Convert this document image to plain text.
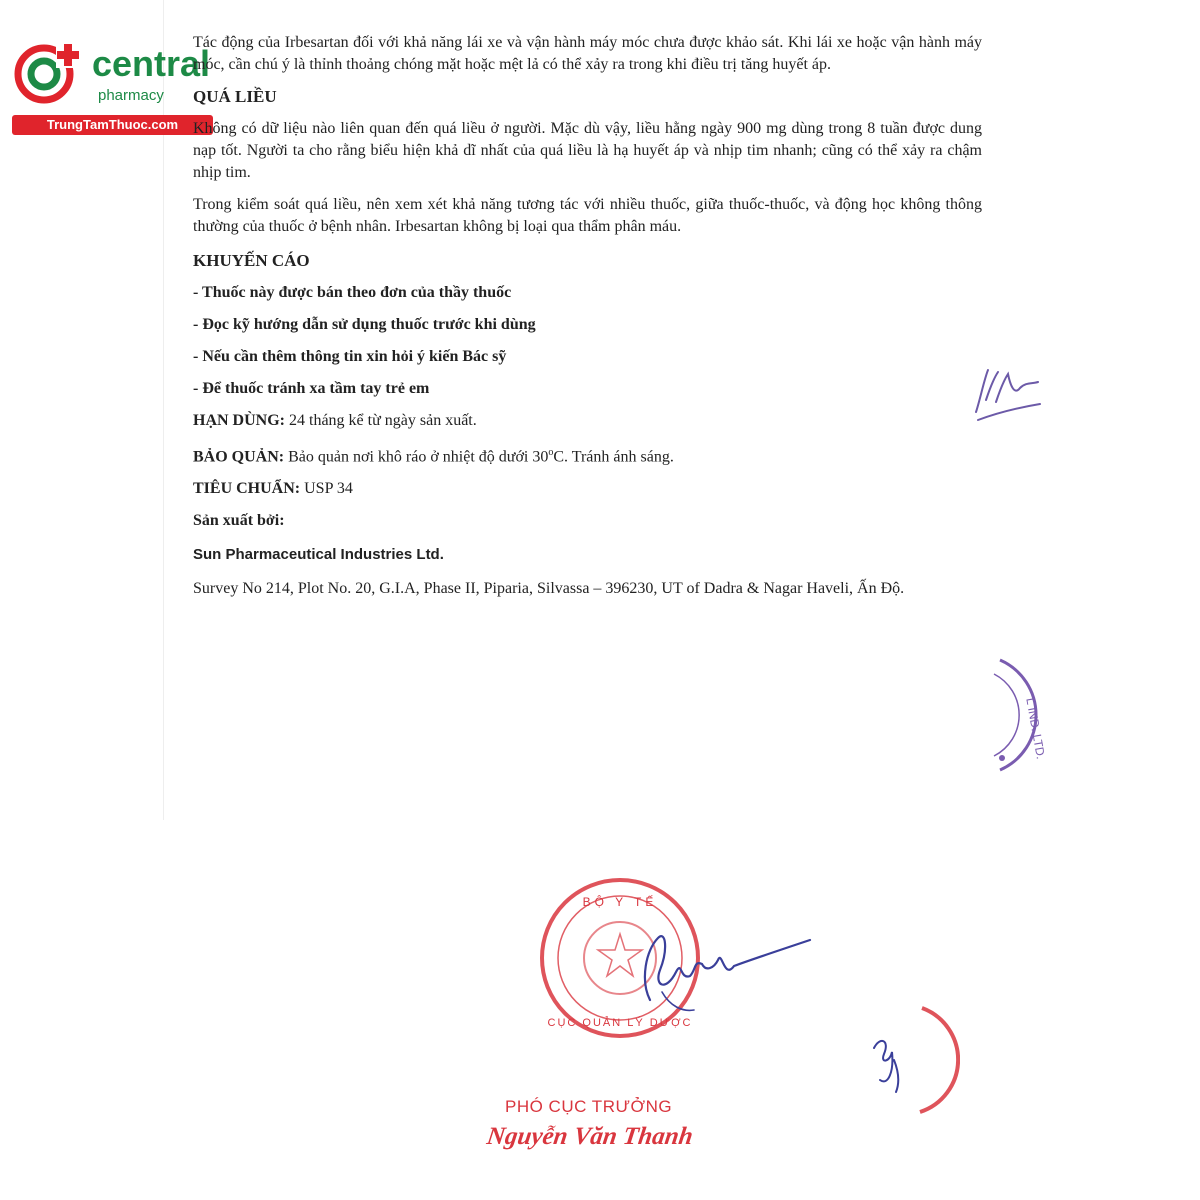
central
pharmacy
TrungTamThuoc.com

Tác động của Irbesartan đối với khả năng lái xe và vận hành máy móc chưa được khảo sát. Khi lái xe hoặc vận hành máy móc, cần chú ý là thỉnh thoảng chóng mặt hoặc mệt lả có thể xảy ra trong khi điều trị tăng huyết áp.

QUÁ LIỀU

Không có dữ liệu nào liên quan đến quá liều ở người. Mặc dù vậy, liều hằng ngày 900 mg dùng trong 8 tuần được dung nạp tốt. Người ta cho rằng biểu hiện khả dĩ nhất của quá liều là hạ huyết áp và nhịp tim nhanh; cũng có thể xảy ra chậm nhịp tim.

Trong kiểm soát quá liều, nên xem xét khả năng tương tác với nhiều thuốc, giữa thuốc-thuốc, và động học không thông thường của thuốc ở bệnh nhân. Irbesartan không bị loại qua thẩm phân máu.

KHUYẾN CÁO

- Thuốc này được bán theo đơn của thầy thuốc

- Đọc kỹ hướng dẫn sử dụng thuốc trước khi dùng

- Nếu cần thêm thông tin xin hỏi ý kiến Bác sỹ

- Để thuốc tránh xa tầm tay trẻ em

HẠN DÙNG: 24 tháng kể từ ngày sản xuất.

BẢO QUẢN: Bảo quản nơi khô ráo ở nhiệt độ dưới 30$^o$C. Tránh ánh sáng.

TIÊU CHUẨN: USP 34

Sản xuất bởi:

Sun Pharmaceutical Industries Ltd.

Survey No 214, Plot No. 20, G.I.A, Phase II, Piparia, Silvassa – 396230, UT of Dadra & Nagar Haveli, Ấn Độ.

L IND. LTD.
BỘ Y TẾ
CỤC QUẢN LÝ DƯỢC
PHÓ CỤC TRƯỞNG
Nguyễn Văn Thanh
